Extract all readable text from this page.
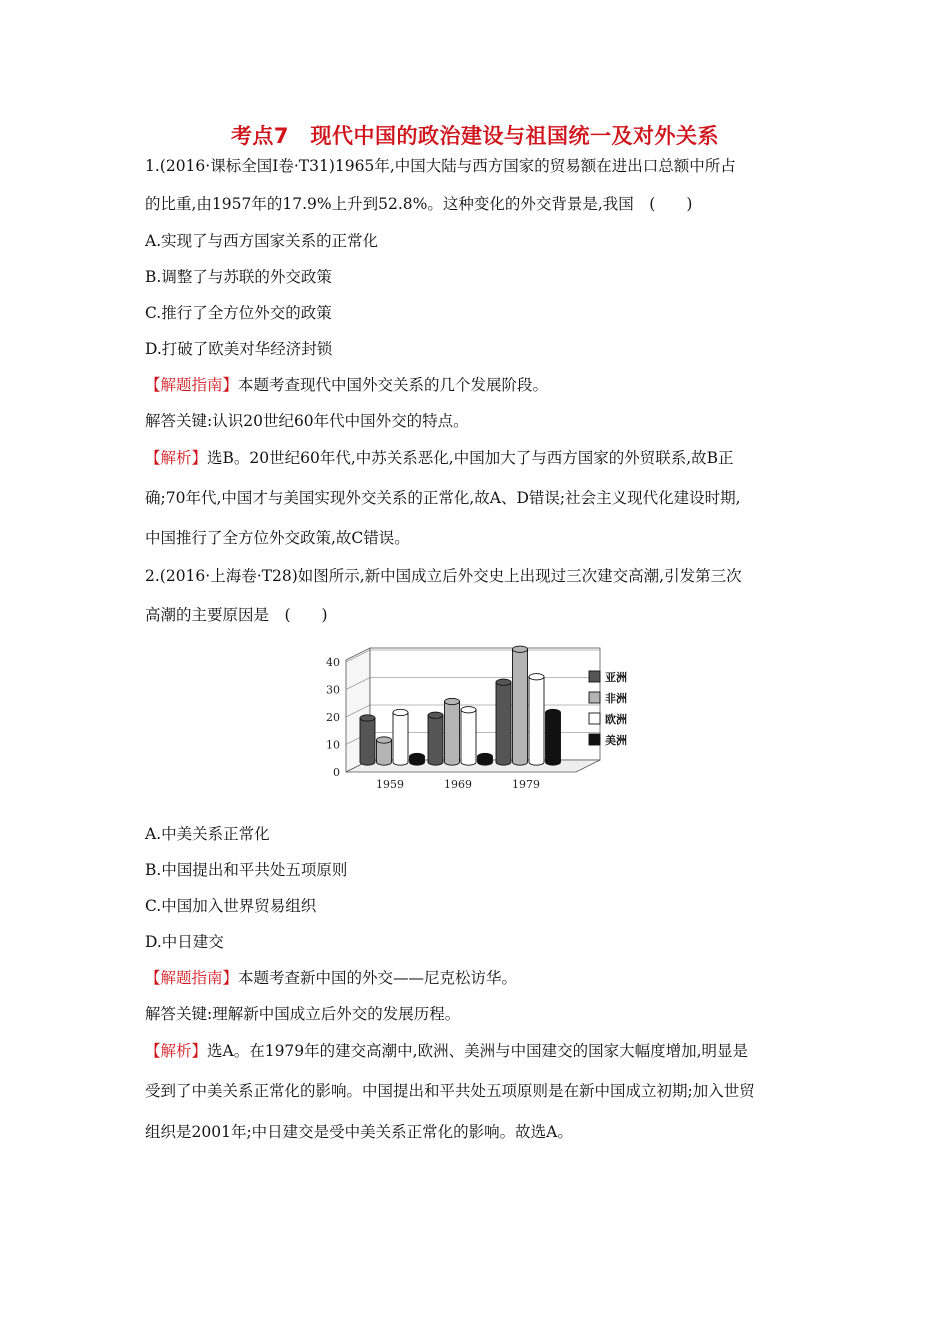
考点7　现代中国的政治建设与祖国统一及对外关系
1.(2016·课标全国Ⅰ卷·T31)1965年,中国大陆与西方国家的贸易额在进出口总额中所占
的比重,由1957年的17.9%上升到52.8%。这种变化的外交背景是,我国　(　　)
A.实现了与西方国家关系的正常化
B.调整了与苏联的外交政策
C.推行了全方位外交的政策
D.打破了欧美对华经济封锁
【解题指南】本题考查现代中国外交关系的几个发展阶段。
解答关键:认识20世纪60年代中国外交的特点。
【解析】选B。20世纪60年代,中苏关系恶化,中国加大了与西方国家的外贸联系,故B正
确;70年代,中国才与美国实现外交关系的正常化,故A、D错误;社会主义现代化建设时期,
中国推行了全方位外交政策,故C错误。
2.(2016·上海卷·T28)如图所示,新中国成立后外交史上出现过三次建交高潮,引发第三次
高潮的主要原因是　(　　)
0
10
20
30
40
1959	1969	1979
亚洲
非洲
欧洲
美洲
A.中美关系正常化
B.中国提出和平共处五项原则
C.中国加入世界贸易组织
D.中日建交
【解题指南】本题考查新中国的外交——尼克松访华。
解答关键:理解新中国成立后外交的发展历程。
【解析】选A。在1979年的建交高潮中,欧洲、美洲与中国建交的国家大幅度增加,明显是
受到了中美关系正常化的影响。中国提出和平共处五项原则是在新中国成立初期;加入世贸
组织是2001年;中日建交是受中美关系正常化的影响。故选A。
